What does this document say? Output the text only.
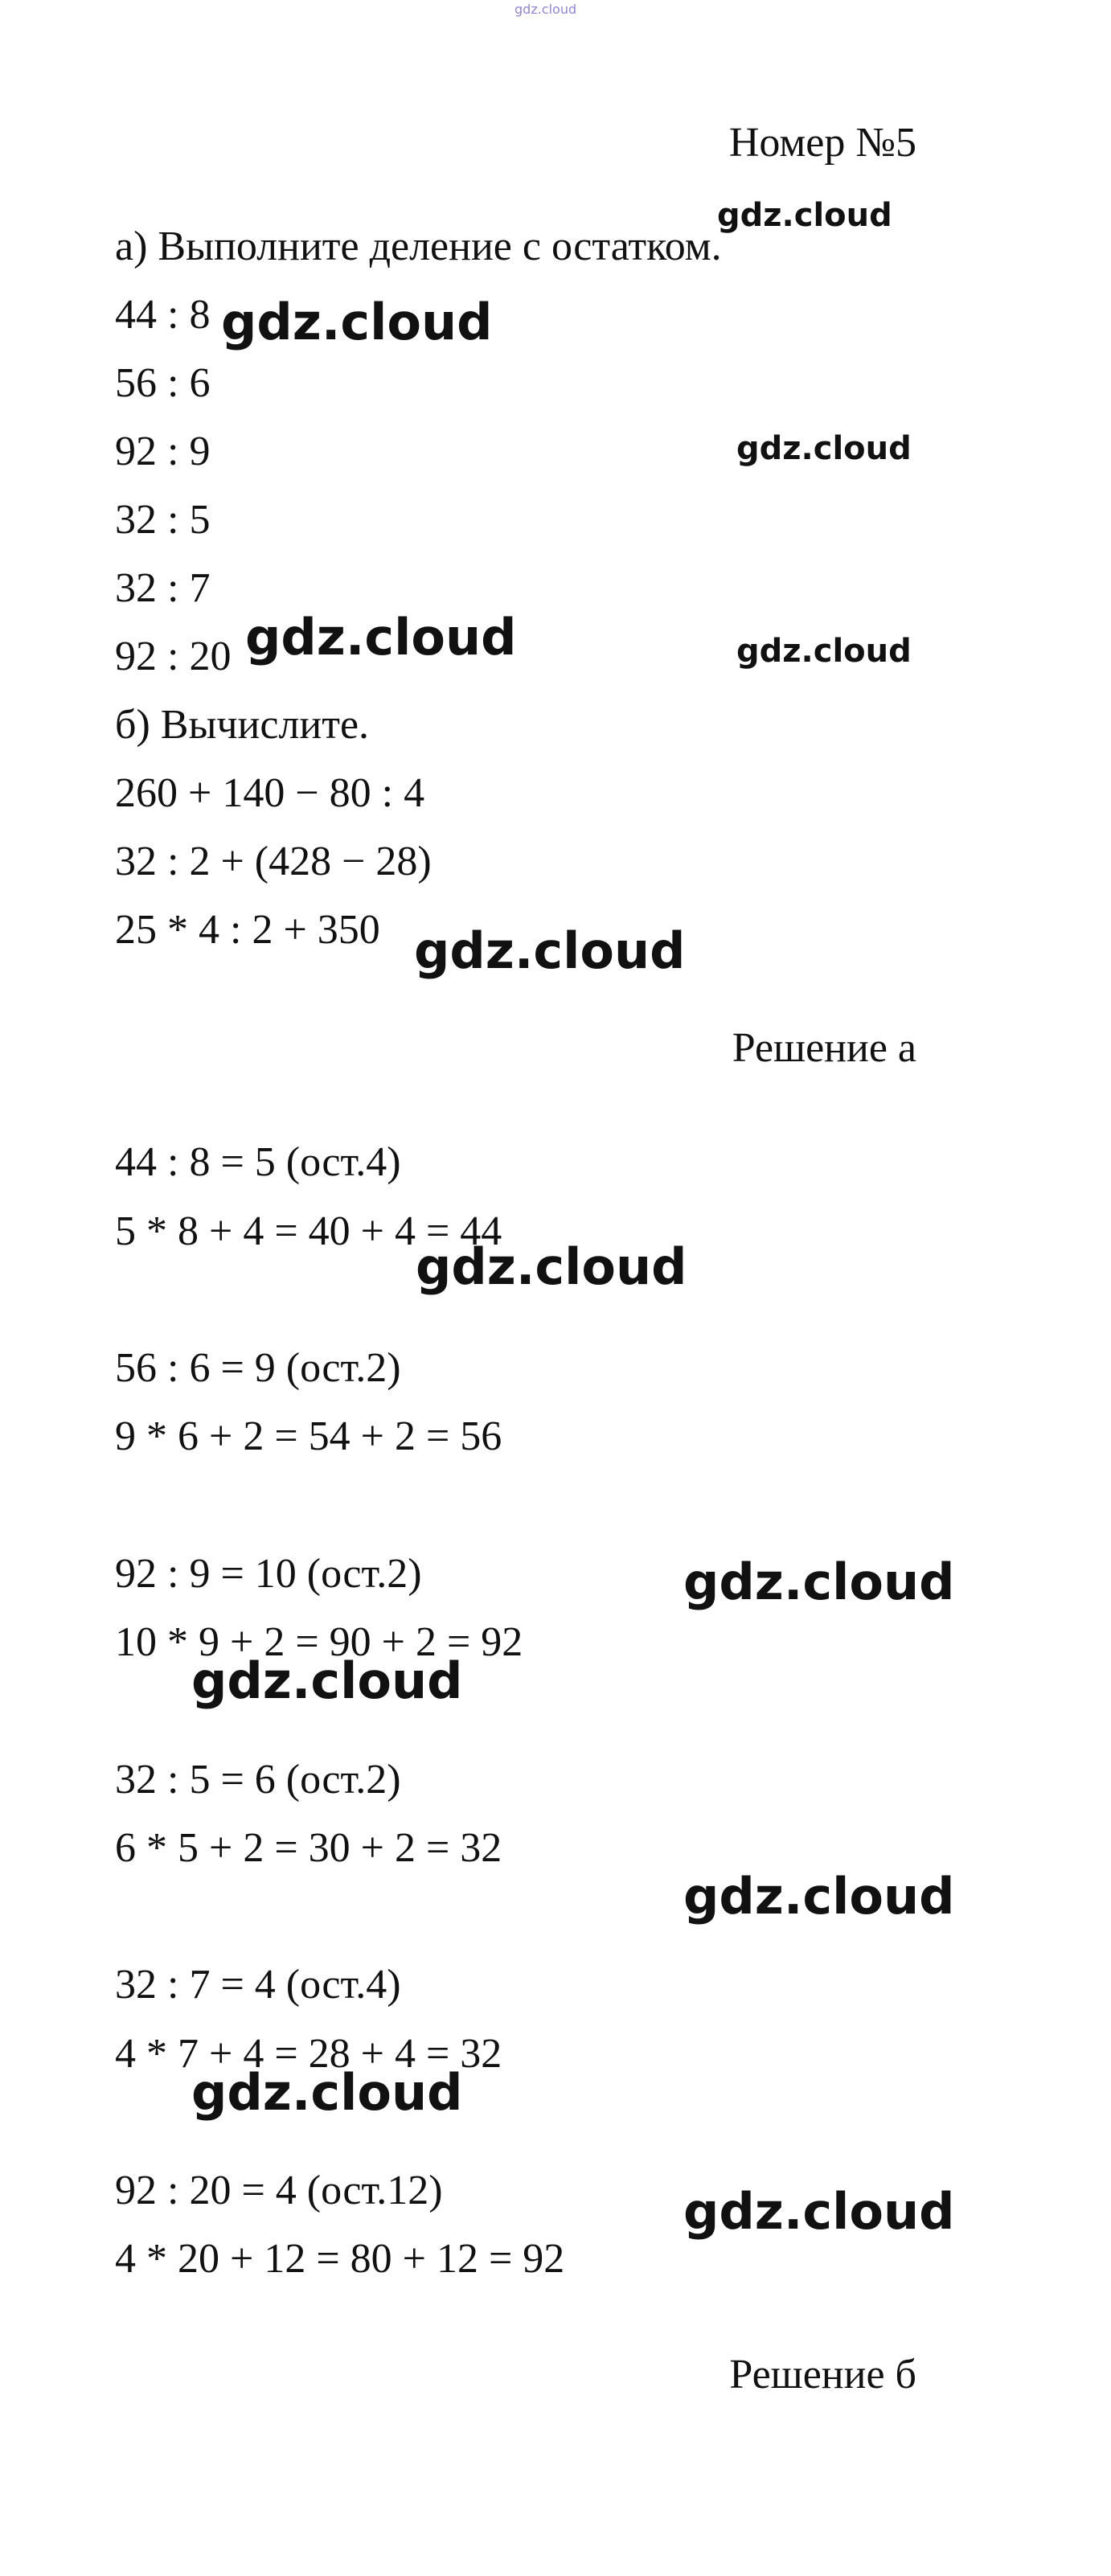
gdz.cloud
Номер №5
а) Выполните деление с остатком.
44 : 8
56 : 6
92 : 9
32 : 5
32 : 7
92 : 20
б) Вычислите.
260 + 140 − 80 : 4
32 : 2 + (428 − 28)
25 * 4 : 2 + 350
Решение а
44 : 8 = 5 (ост.4)
5 * 8 + 4 = 40 + 4 = 44
56 : 6 = 9 (ост.2)
9 * 6 + 2 = 54 + 2 = 56
92 : 9 = 10 (ост.2)
10 * 9 + 2 = 90 + 2 = 92
32 : 5 = 6 (ост.2)
6 * 5 + 2 = 30 + 2 = 32
32 : 7 = 4 (ост.4)
4 * 7 + 4 = 28 + 4 = 32
92 : 20 = 4 (ост.12)
4 * 20 + 12 = 80 + 12 = 92
Решение б
gdz.cloud
gdz.cloud
gdz.cloud
gdz.cloud	gdz.cloud
gdz.cloud
gdz.cloud
gdz.cloud
gdz.cloud
gdz.cloud
gdz.cloud
gdz.cloud
